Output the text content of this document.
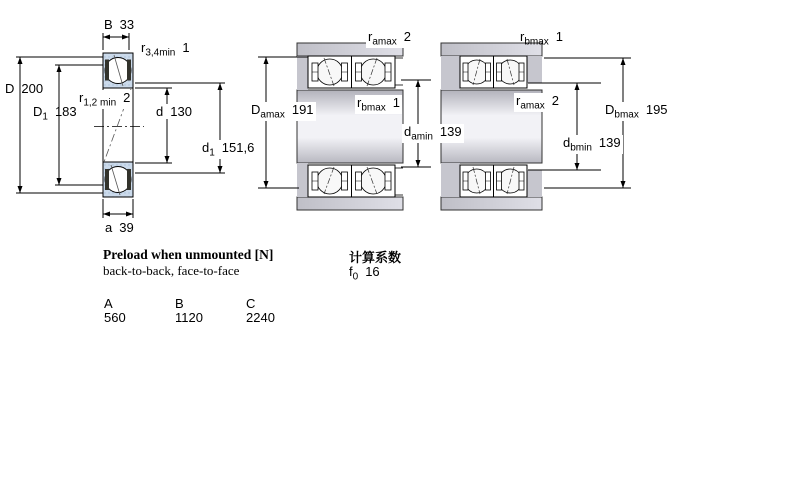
B 33
$r_{3,4min}$ 1
D 200
$D_1$ 183
$r_{1,2 min}$ 2
d 130
$d_1$ 151,6
a 39
$r_{amax}$ 2
$D_{amax}$ 191	$r_{bmax}$ 1
$d_{amin}$ 139
$r_{bmax}$ 1
$r_{amax}$ 2
$D_{bmax}$ 195
$d_{bmin}$ 139
Preload when unmounted [N]
back-to-back, face-to-face
计算系数
$f_0$ 16
A	B	C
560	1120	2240
